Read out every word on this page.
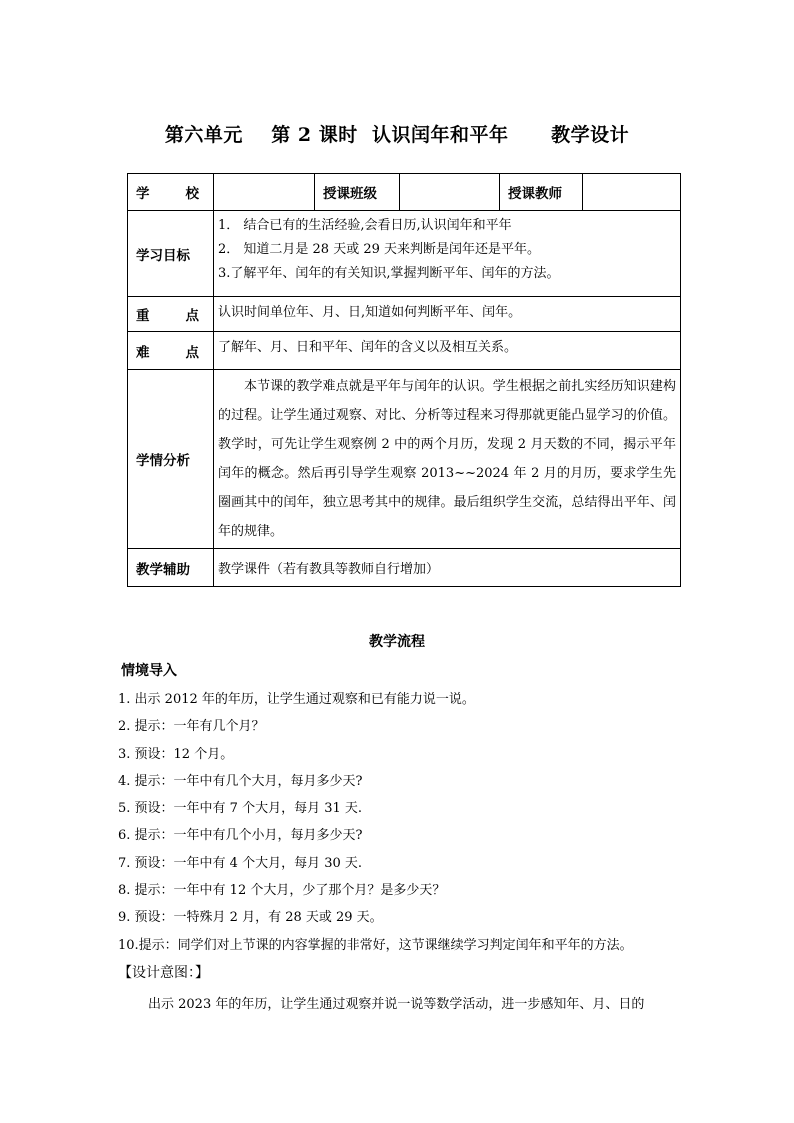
第六单元    第 2 课时  认识闰年和平年      教学设计
学 校		授课班级		授课教师	
学习目标	1． 结合已有的生活经验,会看日历,认识闰年和平年
2． 知道二月是 28 天或 29 天来判断是闰年还是平年。
3.了解平年、闰年的有关知识,掌握判断平年、闰年的方法。				

重 点	认识时间单位年、月、日,知道如何判断平年、闰年。				

难 点	了解年、月、日和平年、闰年的含义以及相互关系。				
学情分析	本节课的教学难点就是平年与闰年的认识。学生根据之前扎实经历知识建构的过程。让学生通过观察、对比、分析等过程来习得那就更能凸显学习的价值。教学时，可先让学生观察例 2 中的两个月历，发现 2 月天数的不同，揭示平年闰年的概念。然后再引导学生观察 2013~~2024 年 2 月的月历，要求学生先圈画其中的闰年，独立思考其中的规律。最后组织学生交流，总结得出平年、闰年的规律。				
教学辅助	教学课件（若有教具等教师自行增加）				
教学流程
情境导入
1. 出示 2012 年的年历，让学生通过观察和已有能力说一说。
2. 提示：一年有几个月？
3. 预设：12 个月。
4. 提示：一年中有几个大月，每月多少天?
5. 预设：一年中有 7 个大月，每月 31 天.
6. 提示：一年中有几个小月，每月多少天?
7. 预设：一年中有 4 个大月，每月 30 天.
8. 提示：一年中有 12 个大月，少了那个月？是多少天？
9. 预设：一特殊月 2 月，有 28 天或 29 天。
10.提示：同学们对上节课的内容掌握的非常好，这节课继续学习判定闰年和平年的方法。
【设计意图：】
出示 2023 年的年历，让学生通过观察并说一说等数学活动，进一步感知年、月、日的
